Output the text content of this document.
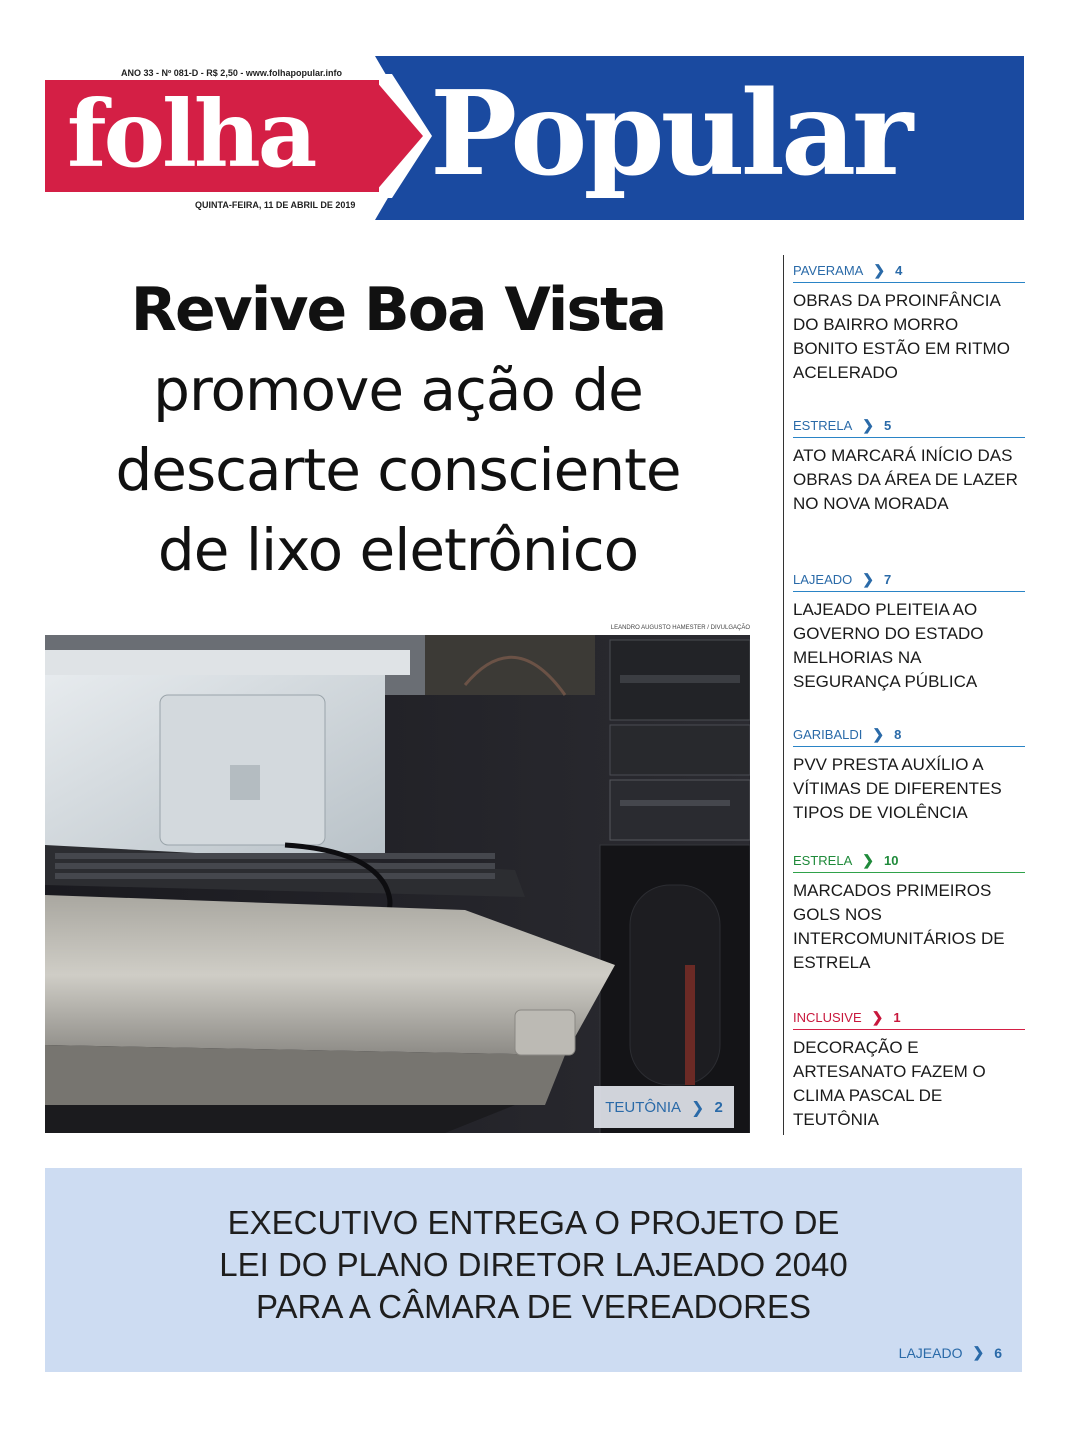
ANO 33 - Nº 081-D - R$ 2,50 - www.folhapopular.info
folha Popular
QUINTA-FEIRA, 11 DE ABRIL DE 2019
Revive Boa Vista
promove ação de
descarte consciente
de lixo eletrônico
LEANDRO AUGUSTO HAMESTER / DIVULGAÇÃO
TEUTÔNIA ❯ 2
PAVERAMA ❯ 4
OBRAS DA PROINFÂNCIA DO BAIRRO MORRO BONITO ESTÃO EM RITMO ACELERADO
ESTRELA ❯ 5
ATO MARCARÁ INÍCIO DAS OBRAS DA ÁREA DE LAZER NO NOVA MORADA
LAJEADO ❯ 7
LAJEADO PLEITEIA AO GOVERNO DO ESTADO MELHORIAS NA SEGURANÇA PÚBLICA
GARIBALDI ❯ 8
PVV PRESTA AUXÍLIO A VÍTIMAS DE DIFERENTES TIPOS DE VIOLÊNCIA
ESTRELA ❯ 10
MARCADOS PRIMEIROS GOLS NOS INTERCOMUNITÁRIOS DE ESTRELA
INCLUSIVE ❯ 1
DECORAÇÃO E ARTESANATO FAZEM O CLIMA PASCAL DE TEUTÔNIA
EXECUTIVO ENTREGA O PROJETO DE
LEI DO PLANO DIRETOR LAJEADO 2040
PARA A CÂMARA DE VEREADORES
LAJEADO ❯ 6
